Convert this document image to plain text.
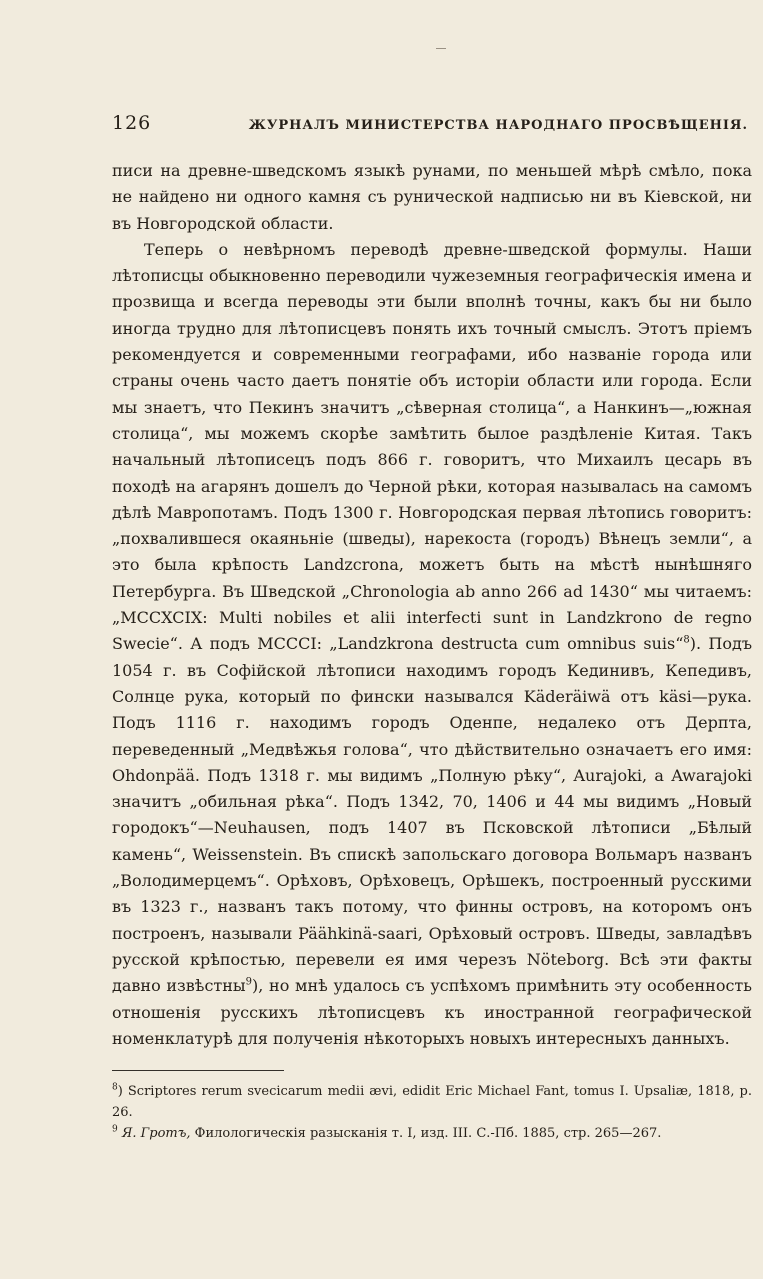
126	ЖУРНАЛЪ МИНИСТЕРСТВА НАРОДНАГО ПРОСВѢЩЕНІЯ.

писи на древне-шведскомъ языкѣ рунами, по меньшей мѣрѣ смѣло, пока не найдено ни одного камня съ рунической надписью ни въ Кіевской, ни въ Новгородской области.

Теперь о невѣрномъ переводѣ древне-шведской формулы. Наши лѣтописцы обыкновенно переводили чужеземныя географическія имена и прозвища и всегда переводы эти были вполнѣ точны, какъ бы ни было иногда трудно для лѣтописцевъ понять ихъ точный смыслъ. Этотъ пріемъ рекомендуется и современными географами, ибо названіе города или страны очень часто даетъ понятіе объ исторіи области или города. Если мы знаетъ, что Пекинъ значитъ „сѣверная столица“, а Нанкинъ—„южная столица“, мы можемъ скорѣе замѣтить былое раздѣленіе Китая. Такъ начальный лѣтописецъ подъ 866 г. говоритъ, что Михаилъ цесарь въ походѣ на агарянъ дошелъ до Черной рѣки, которая называлась на самомъ дѣлѣ Мавропотамъ. Подъ 1300 г. Новгородская первая лѣтопись говоритъ: „похвалившеся окаяньніе (шведы), нарекоста (городъ) Вѣнецъ земли“, а это была крѣпость Landzcrona, можетъ быть на мѣстѣ нынѣшняго Петербурга. Въ Шведской „Chronologia ab anno 266 ad 1430“ мы читаемъ: „MCCXCIX: Multi nobiles et alii interfecti sunt in Landzkrono de regno Swecie“. А подъ MCCCI: „Landzkrona destructa cum omnibus suis“$^8$). Подъ 1054 г. въ Софійской лѣтописи находимъ городъ Кединивъ, Кепедивъ, Солнце рука, который по фински назывался Käderäiwä отъ käsi—рука. Подъ 1116 г. находимъ городъ Оденпе, недалеко отъ Дерпта, переведенный „Медвѣжья голова“, что дѣйствительно означаетъ его имя: Ohdonpää. Подъ 1318 г. мы видимъ „Полную рѣку“, Aurajoki, а Awarajoki значитъ „обильная рѣка“. Подъ 1342, 70, 1406 и 44 мы видимъ „Новый городокъ“—Neuhausen, подъ 1407 въ Псковской лѣтописи „Бѣлый камень“, Weissenstein. Въ спискѣ запольскаго договора Вольмаръ названъ „Володимерцемъ“. Орѣховъ, Орѣховецъ, Орѣшекъ, построенный русскими въ 1323 г., названъ такъ потому, что финны островъ, на которомъ онъ построенъ, называли Päähkinä-saari, Орѣховый островъ. Шведы, завладѣвъ русской крѣпостью, перевели ея имя черезъ Nöteborg. Всѣ эти факты давно извѣстны$^9$), но мнѣ удалось съ успѣхомъ примѣнить эту особенность отношенія русскихъ лѣтописцевъ къ иностранной географической номенклатурѣ для полученія нѣкоторыхъ новыхъ интересныхъ данныхъ.

$^8$) Scriptores rerum svecicarum medii ævi, edidit Eric Michael Fant, tomus I. Upsaliæ, 1818, p. 26.

$^9$ Я. Гротъ, Филологическія разысканія т. I, изд. III. С.-Пб. 1885, стр. 265—267.
